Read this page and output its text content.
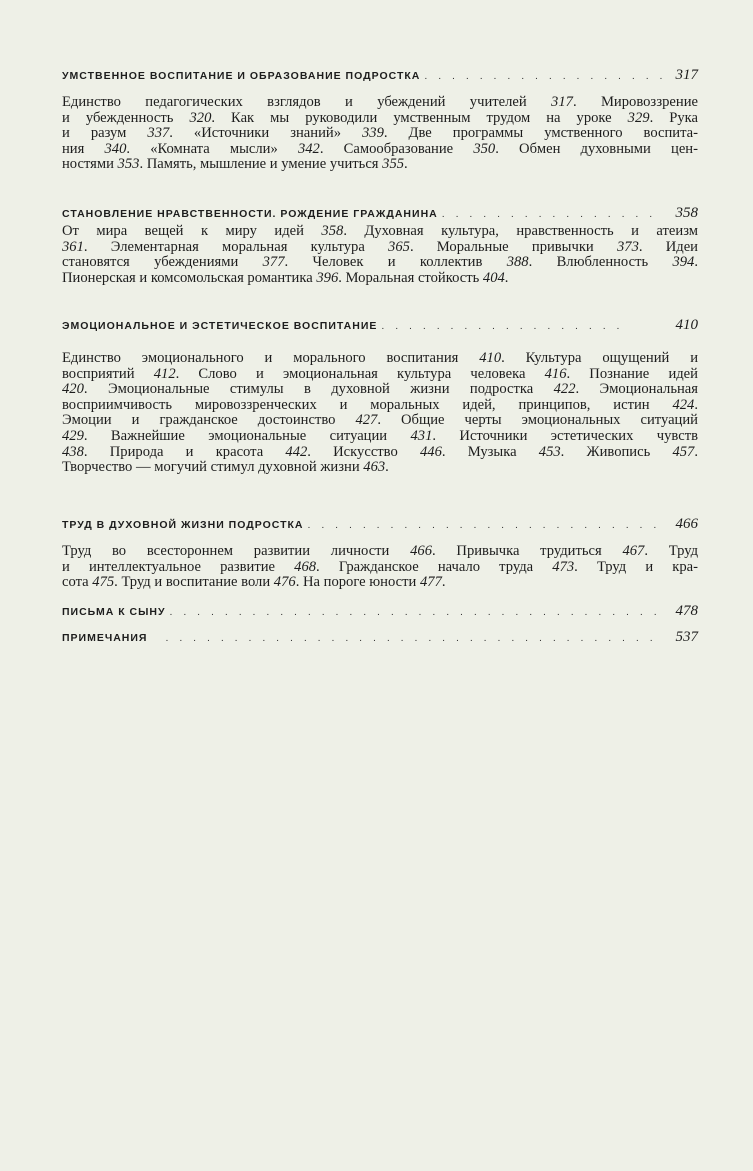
УМСТВЕННОЕ ВОСПИТАНИЕ И ОБРАЗОВАНИЕ ПОДРОСТКА . . .	317
Единство педагогических взглядов и убеждений учителей 317. Мировоззрение
и убежденность 320. Как мы руководили умственным трудом на уроке 329. Рука
и разум 337. «Источники знаний» 339. Две программы умственного воспита-
ния 340. «Комната мысли» 342. Самообразование 350. Обмен духовными цен-
ностями 353. Память, мышление и умение учиться 355.
СТАНОВЛЕНИЕ НРАВСТВЕННОСТИ. РОЖДЕНИЕ ГРАЖДАНИНА . . .	358
От мира вещей к миру идей 358. Духовная культура, нравственность и атеизм
361. Элементарная моральная культура 365. Моральные привычки 373. Идеи
становятся убеждениями 377. Человек и коллектив 388. Влюбленность 394.
Пионерская и комсомольская романтика 396. Моральная стойкость 404.
ЭМОЦИОНАЛЬНОЕ И ЭСТЕТИЧЕСКОЕ ВОСПИТАНИЕ . . .	410
Единство эмоционального и морального воспитания 410. Культура ощущений и
восприятий 412. Слово и эмоциональная культура человека 416. Познание идей
420. Эмоциональные стимулы в духовной жизни подростка 422. Эмоциональная
восприимчивость мировоззренческих и моральных идей, принципов, истин 424.
Эмоции и гражданское достоинство 427. Общие черты эмоциональных ситуаций
429. Важнейшие эмоциональные ситуации 431. Источники эстетических чувств
438. Природа и красота 442. Искусство 446. Музыка 453. Живопись 457.
Творчество — могучий стимул духовной жизни 463.
ТРУД В ДУХОВНОЙ ЖИЗНИ ПОДРОСТКА . . .	466
Труд во всестороннем развитии личности 466. Привычка трудиться 467. Труд
и интеллектуальное развитие 468. Гражданское начало труда 473. Труд и кра-
сота 475. Труд и воспитание воли 476. На пороге юности 477.
ПИСЬМА К СЫНУ . . .	478
ПРИМЕЧАНИЯ . . .	537
